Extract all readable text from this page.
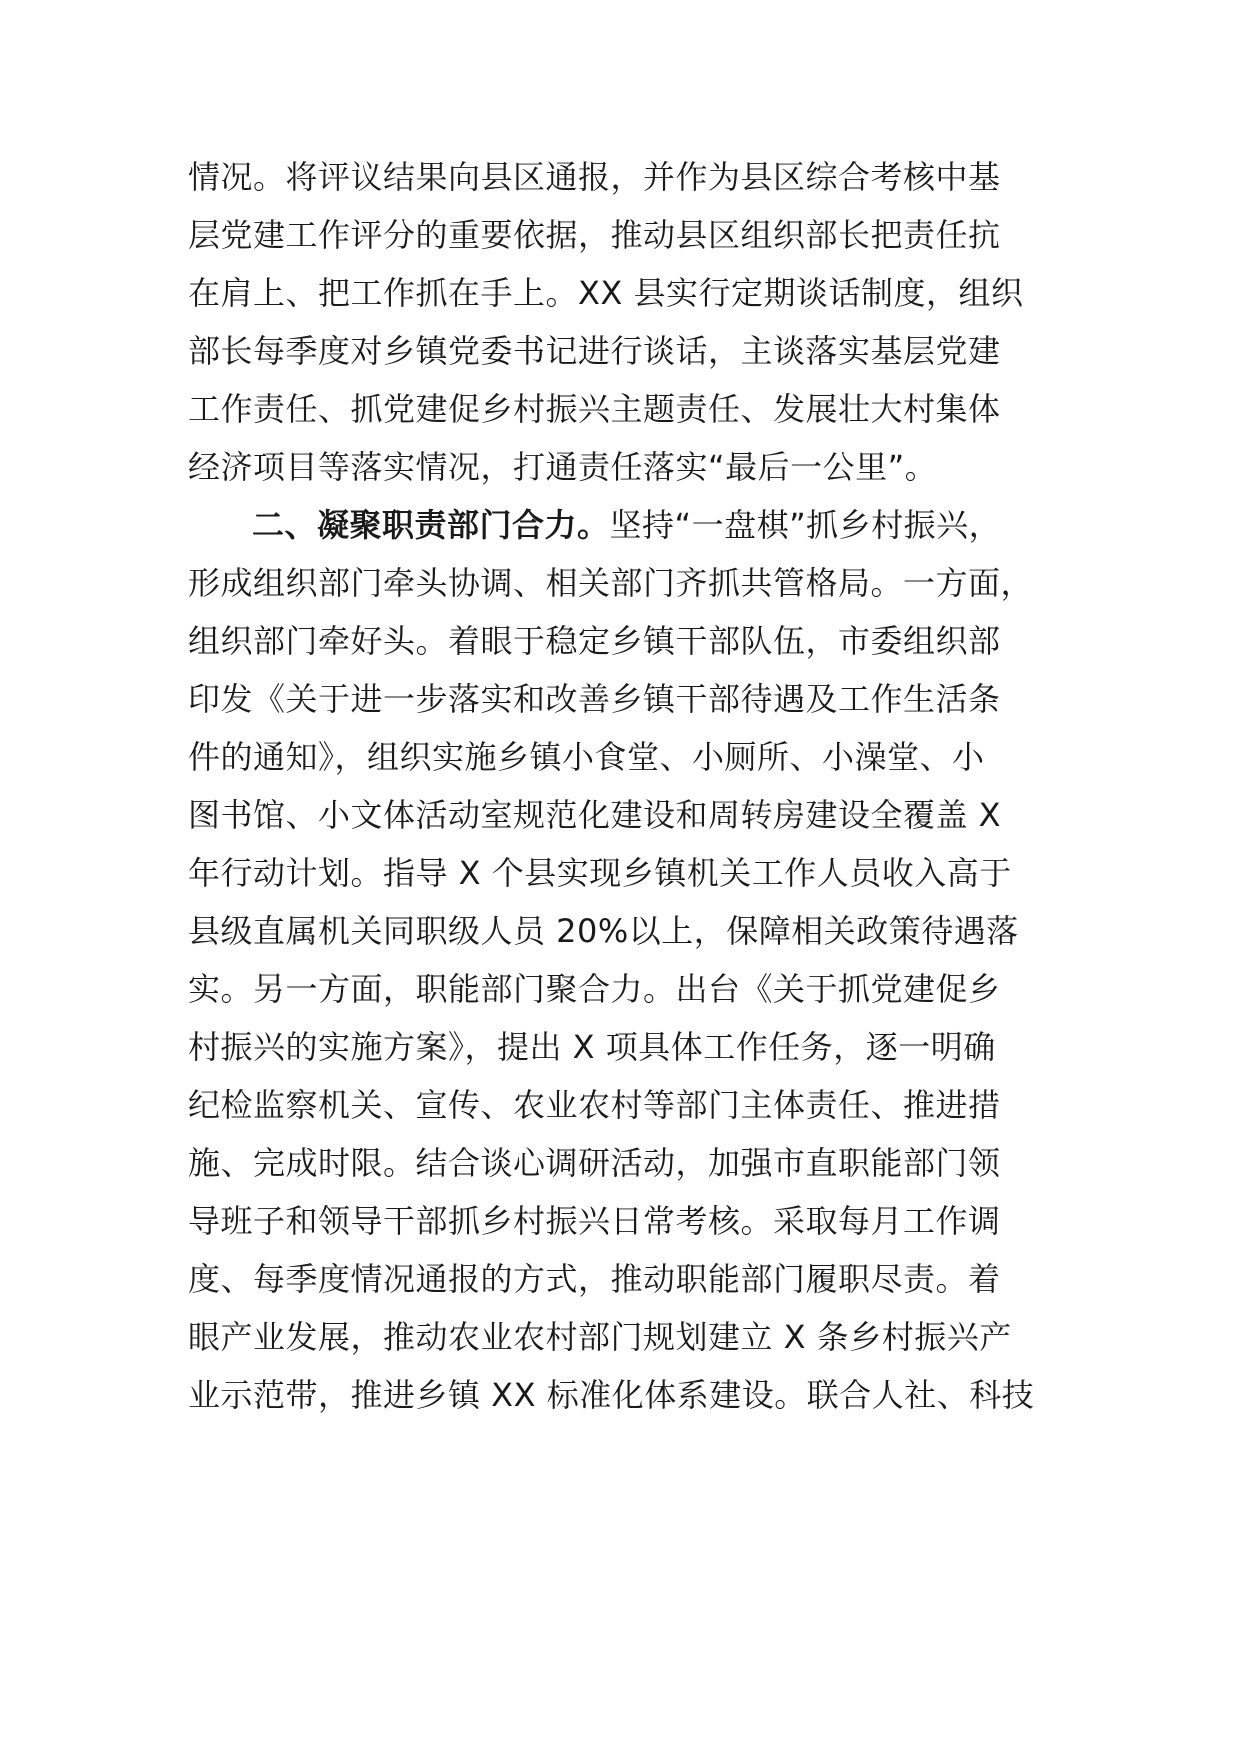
情况。将评议结果向县区通报，并作为县区综合考核中基
层党建工作评分的重要依据，推动县区组织部长把责任抗
在肩上、把工作抓在手上。XX 县实行定期谈话制度，组织
部长每季度对乡镇党委书记进行谈话，主谈落实基层党建
工作责任、抓党建促乡村振兴主题责任、发展壮大村集体
经济项目等落实情况，打通责任落实“最后一公里”。
二、凝聚职责部门合力。坚持“一盘棋”抓乡村振兴，
形成组织部门牵头协调、相关部门齐抓共管格局。一方面，
组织部门牵好头。着眼于稳定乡镇干部队伍，市委组织部
印发《关于进一步落实和改善乡镇干部待遇及工作生活条
件的通知》，组织实施乡镇小食堂、小厕所、小澡堂、小
图书馆、小文体活动室规范化建设和周转房建设全覆盖 X
年行动计划。指导 X 个县实现乡镇机关工作人员收入高于
县级直属机关同职级人员 20%以上，保障相关政策待遇落
实。另一方面，职能部门聚合力。出台《关于抓党建促乡
村振兴的实施方案》，提出 X 项具体工作任务，逐一明确
纪检监察机关、宣传、农业农村等部门主体责任、推进措
施、完成时限。结合谈心调研活动，加强市直职能部门领
导班子和领导干部抓乡村振兴日常考核。采取每月工作调
度、每季度情况通报的方式，推动职能部门履职尽责。着
眼产业发展，推动农业农村部门规划建立 X 条乡村振兴产
业示范带，推进乡镇 XX 标准化体系建设。联合人社、科技
